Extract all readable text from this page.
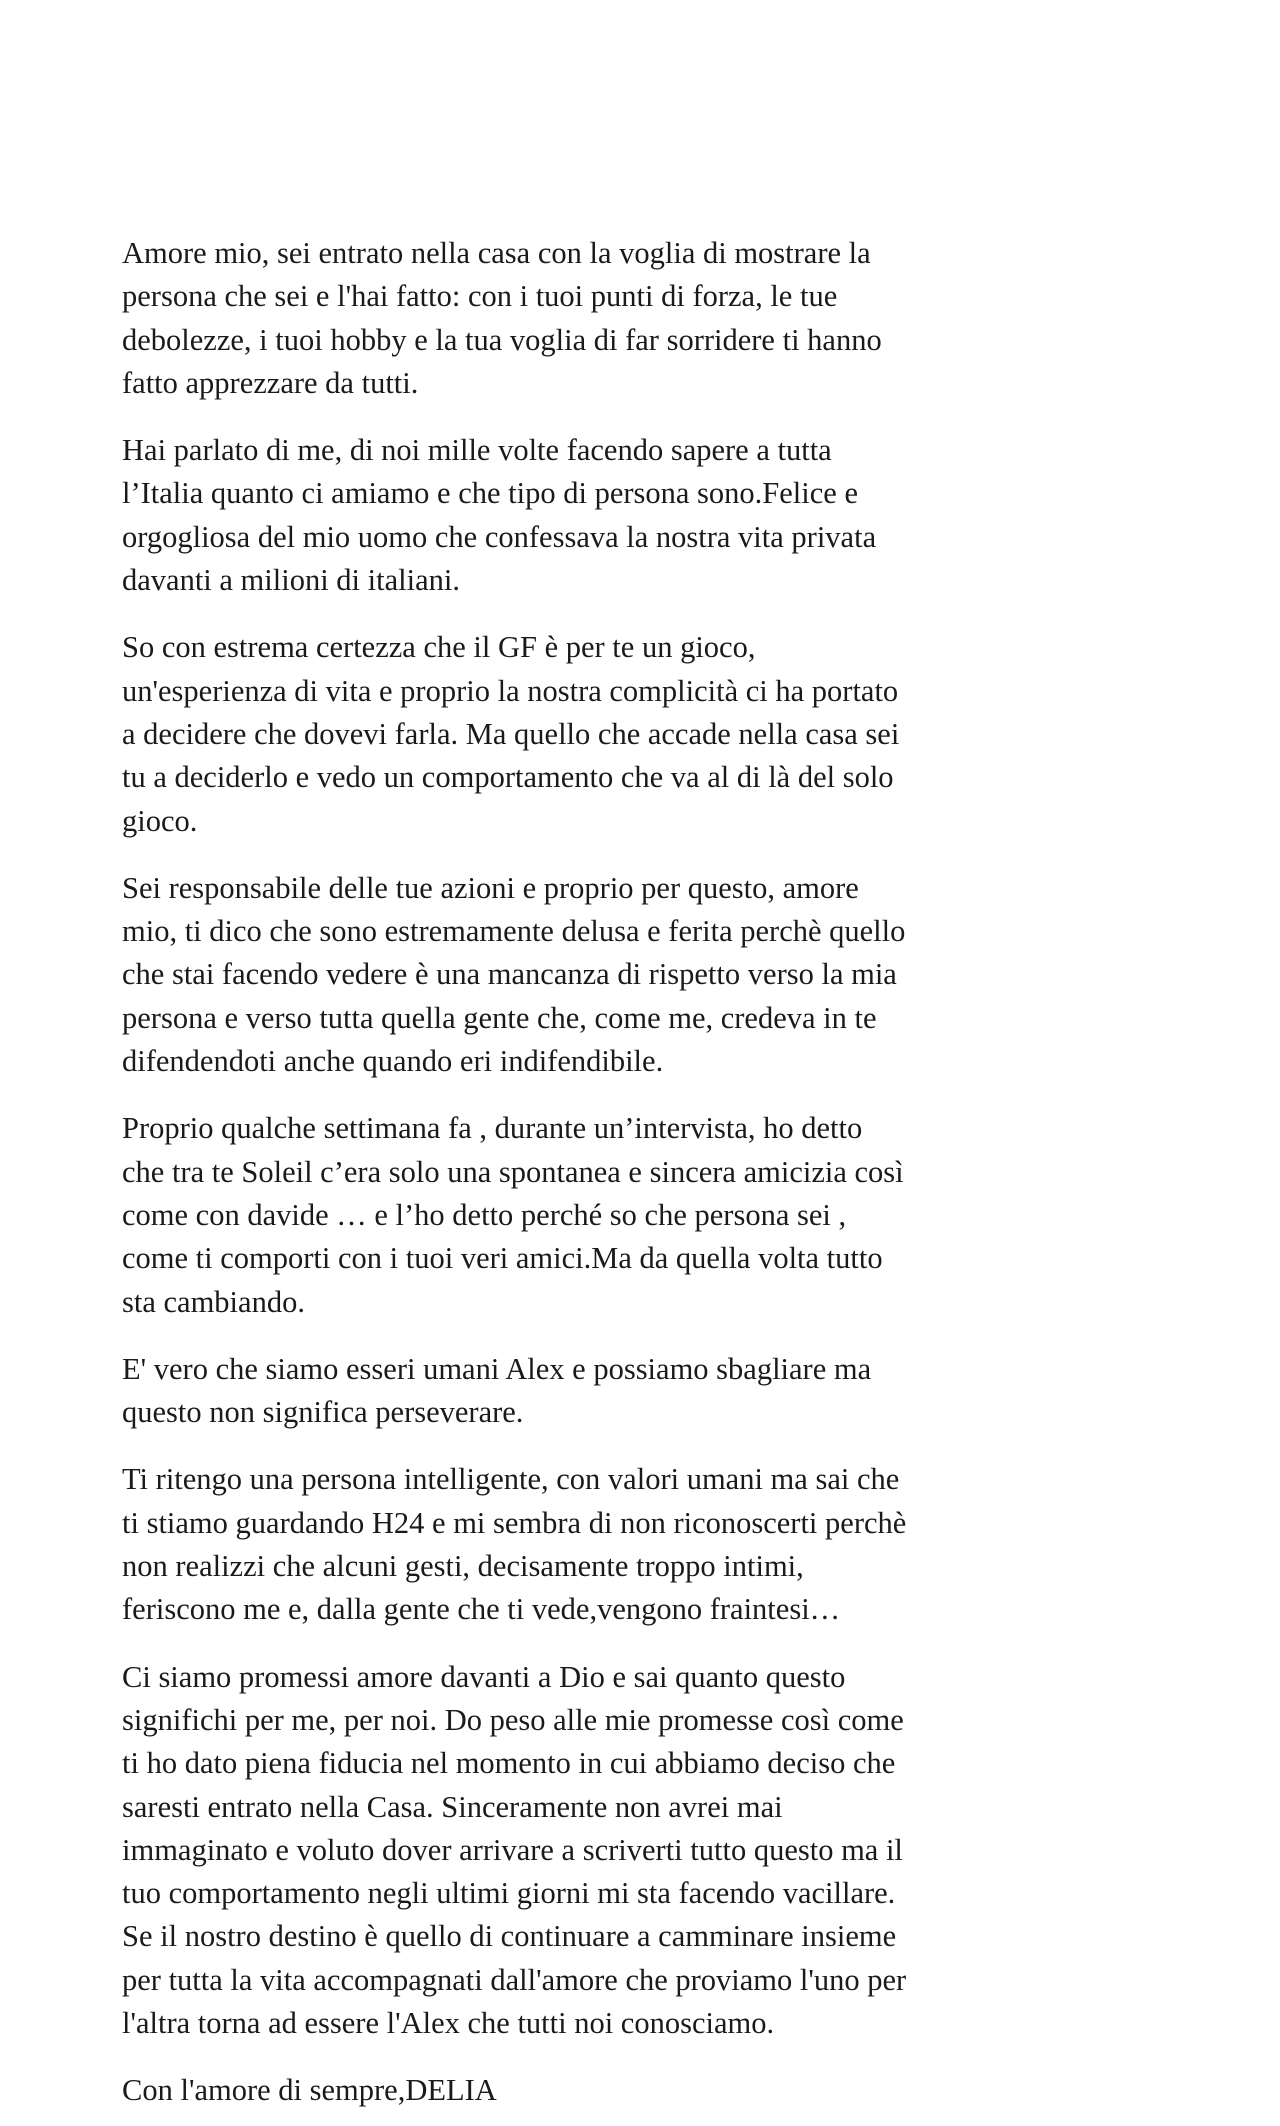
Amore mio, sei entrato nella casa con la voglia di mostrare la
persona che sei e l'hai fatto: con i tuoi punti di forza, le tue
debolezze, i tuoi hobby e la tua voglia di far sorridere ti hanno
fatto apprezzare da tutti.

Hai parlato di me, di noi mille volte facendo sapere a tutta
l’Italia quanto ci amiamo e che tipo di persona sono.Felice e
orgogliosa del mio uomo che confessava la nostra vita privata
davanti a milioni di italiani.

So con estrema certezza che il GF è per te un gioco,
un'esperienza di vita e proprio la nostra complicità ci ha portato
a decidere che dovevi farla. Ma quello che accade nella casa sei
tu a deciderlo e vedo un comportamento che va al di là del solo
gioco.

Sei responsabile delle tue azioni e proprio per questo, amore
mio, ti dico che sono estremamente delusa e ferita perchè quello
che stai facendo vedere è una mancanza di rispetto verso la mia
persona e verso tutta quella gente che, come me, credeva in te
difendendoti anche quando eri indifendibile.

Proprio qualche settimana fa , durante un’intervista, ho detto
che tra te Soleil c’era solo una spontanea e sincera amicizia così
come con davide … e l’ho detto perché so che persona sei ,
come ti comporti con i tuoi veri amici.Ma da quella volta tutto
sta cambiando.

E' vero che siamo esseri umani Alex e possiamo sbagliare ma
questo non significa perseverare.

Ti ritengo una persona intelligente, con valori umani ma sai che
ti stiamo guardando H24 e mi sembra di non riconoscerti perchè
non realizzi che alcuni gesti, decisamente troppo intimi,
feriscono me e, dalla gente che ti vede,vengono fraintesi…

Ci siamo promessi amore davanti a Dio e sai quanto questo
significhi per me, per noi. Do peso alle mie promesse così come
ti ho dato piena fiducia nel momento in cui abbiamo deciso che
saresti entrato nella Casa. Sinceramente non avrei mai
immaginato e voluto dover arrivare a scriverti tutto questo ma il
tuo comportamento negli ultimi giorni mi sta facendo vacillare.
Se il nostro destino è quello di continuare a camminare insieme
per tutta la vita accompagnati dall'amore che proviamo l'uno per
l'altra torna ad essere l'Alex che tutti noi conosciamo.

Con l'amore di sempre,DELIA
